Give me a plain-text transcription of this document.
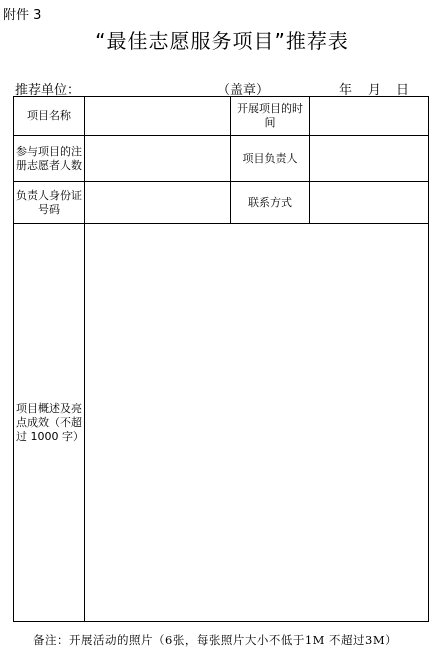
附件 3
“最佳志愿服务项目”推荐表
推荐单位：	（盖章）	年 月 日
项目名称		开展项目的时间	
参与项目的注册志愿者人数		项目负责人	
负责人身份证号码		联系方式	
项目概述及亮点成效（不超过 1000 字）			
备注：开展活动的照片（6张，每张照片大小不低于1M 不超过3M）
